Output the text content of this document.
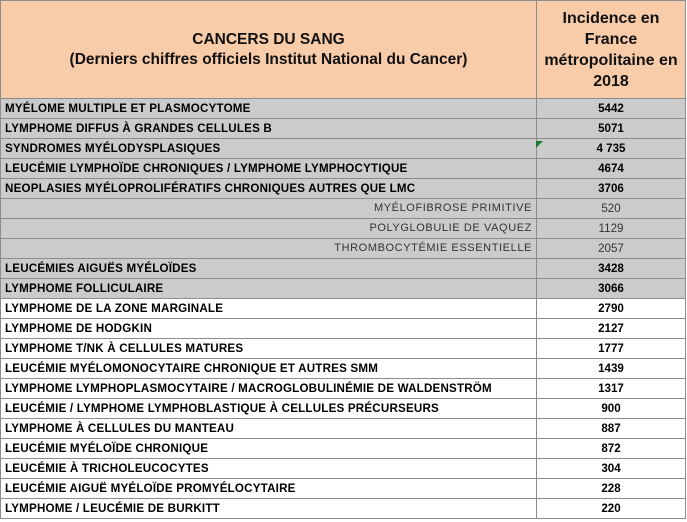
CANCERS DU SANG
(Derniers chiffres officiels Institut National du Cancer)	Incidence en France métropolitaine en 2018
MYÉLOME MULTIPLE ET PLASMOCYTOME	5442
LYMPHOME DIFFUS À GRANDES CELLULES B	5071
SYNDROMES MYÉLODYSPLASIQUES	4 735
LEUCÉMIE LYMPHOÏDE CHRONIQUES / LYMPHOME LYMPHOCYTIQUE	4674
NEOPLASIES MYÉLOPROLIFÉRATIFS CHRONIQUES AUTRES QUE LMC	3706
MYÉLOFIBROSE PRIMITIVE	520
POLYGLOBULIE DE VAQUEZ	1129
THROMBOCYTÉMIE ESSENTIELLE	2057
LEUCÉMIES AIGUËS MYÉLOÏDES	3428
LYMPHOME FOLLICULAIRE	3066
LYMPHOME DE LA ZONE MARGINALE	2790
LYMPHOME DE HODGKIN	2127
LYMPHOME T/NK À CELLULES MATURES	1777
LEUCÉMIE MYÉLOMONOCYTAIRE CHRONIQUE ET AUTRES SMM	1439
LYMPHOME LYMPHOPLASMOCYTAIRE / MACROGLOBULINÉMIE DE WALDENSTRÖM	1317
LEUCÉMIE / LYMPHOME LYMPHOBLASTIQUE À CELLULES PRÉCURSEURS	900
LYMPHOME À CELLULES DU MANTEAU	887
LEUCÉMIE MYÉLOÏDE CHRONIQUE	872
LEUCÉMIE À TRICHOLEUCOCYTES	304
LEUCÉMIE AIGUË MYÉLOÏDE PROMYÉLOCYTAIRE	228
LYMPHOME / LEUCÉMIE DE BURKITT	220
